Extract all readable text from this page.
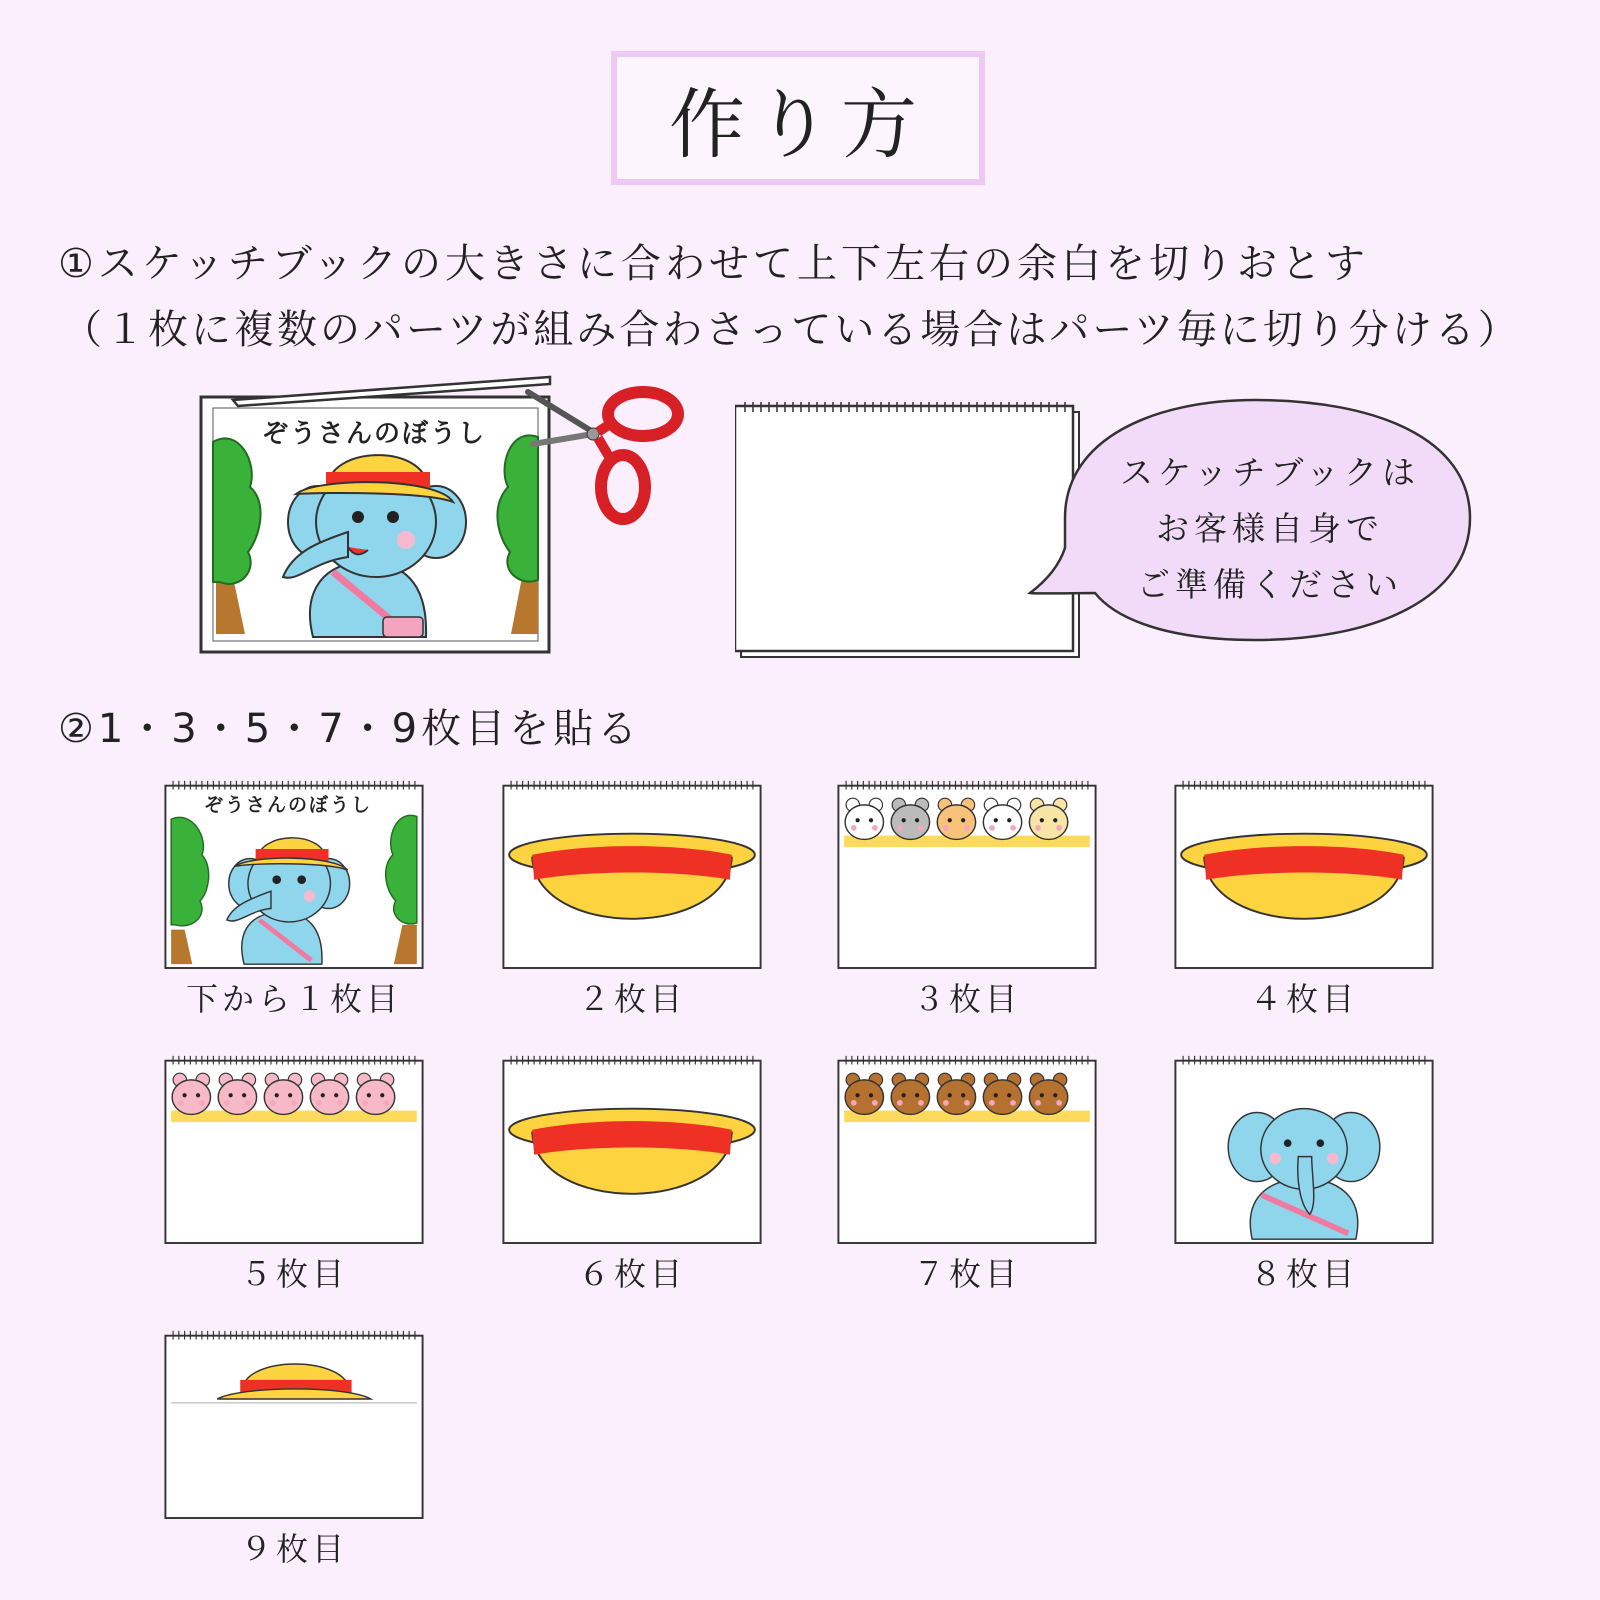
作り方
①スケッチブックの大きさに合わせて上下左右の余白を切りおとす
（１枚に複数のパーツが組み合わさっている場合はパーツ毎に切り分ける）
ぞうさんのぼうし
スケッチブックは
お客様自身で
ご準備ください
②1・3・5・7・9枚目を貼る
ぞうさんのぼうし
下から１枚目	２枚目	３枚目	４枚目
５枚目	６枚目	７枚目	８枚目
９枚目
